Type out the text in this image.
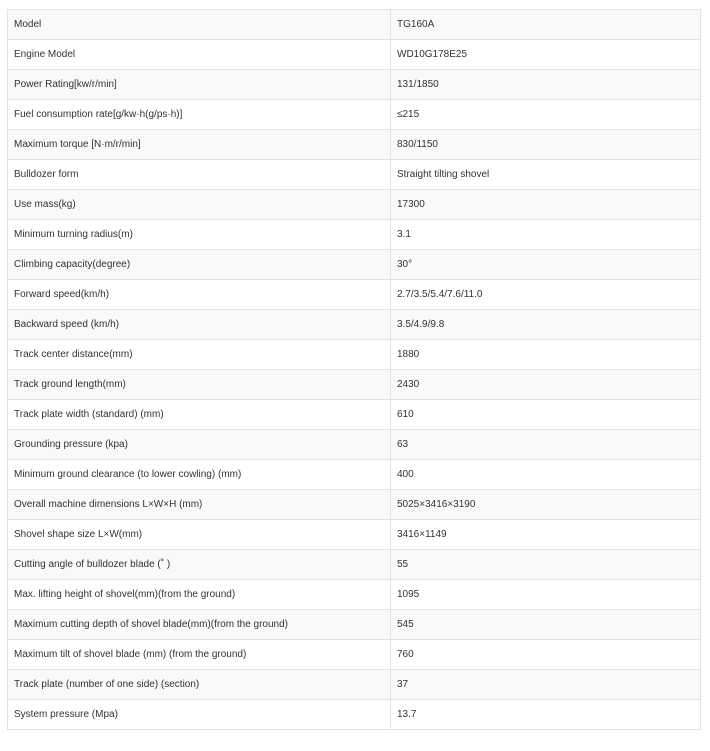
Model	TG160A
Engine Model	WD10G178E25
Power Rating[kw/r/min]	131/1850
Fuel consumption rate[g/kw·h(g/ps·h)]	≤215
Maximum torque [N·m/r/min]	830/1150
Bulldozer form	Straight tilting shovel
Use mass(kg)	17300
Minimum turning radius(m)	3.1
Climbing capacity(degree)	30°
Forward speed(km/h)	2.7/3.5/5.4/7.6/11.0
Backward speed (km/h)	3.5/4.9/9.8
Track center distance(mm)	1880
Track ground length(mm)	2430
Track plate width (standard) (mm)	610
Grounding pressure (kpa)	63
Minimum ground clearance (to lower cowling) (mm)	400
Overall machine dimensions L×W×H (mm)	5025×3416×3190
Shovel shape size L×W(mm)	3416×1149
Cutting angle of bulldozer blade (˚ )	55
Max. lifting height of shovel(mm)(from the ground)	1095
Maximum cutting depth of shovel blade(mm)(from the ground)	545
Maximum tilt of shovel blade (mm) (from the ground)	760
Track plate (number of one side) (section)	37
System pressure (Mpa)	13.7
